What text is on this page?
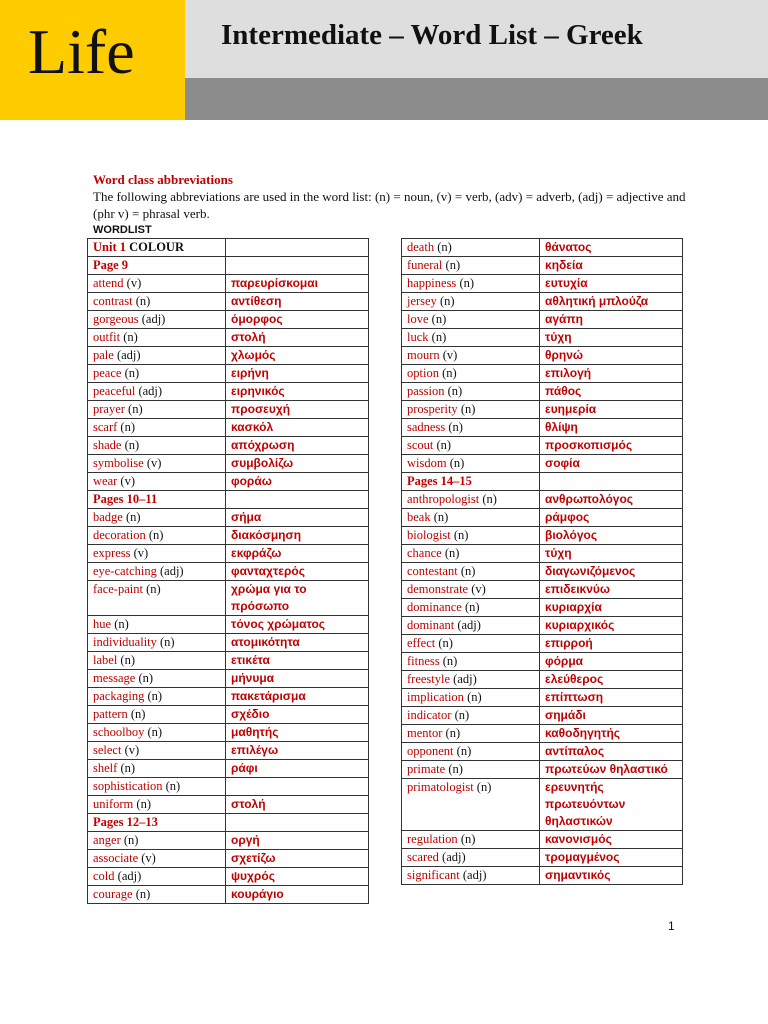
Life	Intermediate – Word List – Greek
Word class abbreviations
The following abbreviations are used in the word list: (n) = noun, (v) = verb, (adv) = adverb, (adj) = adjective and (phr v) = phrasal verb.
WORDLIST
Unit 1 COLOUR	
Page 9	
attend (v)	παρευρίσκομαι
contrast (n)	αντίθεση
gorgeous (adj)	όμορφος
outfit (n)	στολή
pale (adj)	χλωμός
peace (n)	ειρήνη
peaceful (adj)	ειρηνικός
prayer (n)	προσευχή
scarf (n)	κασκόλ
shade (n)	απόχρωση
symbolise (v)	συμβολίζω
wear (v)	φοράω
Pages 10–11	
badge (n)	σήμα
decoration (n)	διακόσμηση
express (v)	εκφράζω
eye-catching (adj)	φανταχτερός
face-paint (n)	χρώμα για το πρόσωπο
hue (n)	τόνος χρώματος
individuality (n)	ατομικότητα
label (n)	ετικέτα
message (n)	μήνυμα
packaging (n)	πακετάρισμα
pattern (n)	σχέδιο
schoolboy (n)	μαθητής
select (v)	επιλέγω
shelf (n)	ράφι
sophistication (n)	
uniform (n)	στολή
Pages 12–13	
anger (n)	οργή
associate (v)	σχετίζω
cold (adj)	ψυχρός
courage (n)	κουράγιο
death (n)	θάνατος
funeral (n)	κηδεία
happiness (n)	ευτυχία
jersey (n)	αθλητική μπλούζα
love (n)	αγάπη
luck (n)	τύχη
mourn (v)	θρηνώ
option (n)	επιλογή
passion (n)	πάθος
prosperity (n)	ευημερία
sadness (n)	θλίψη
scout (n)	προσκοπισμός
wisdom (n)	σοφία
Pages 14–15	
anthropologist (n)	ανθρωπολόγος
beak (n)	ράμφος
biologist (n)	βιολόγος
chance (n)	τύχη
contestant (n)	διαγωνιζόμενος
demonstrate (v)	επιδεικνύω
dominance (n)	κυριαρχία
dominant (adj)	κυριαρχικός
effect (n)	επιρροή
fitness (n)	φόρμα
freestyle (adj)	ελεύθερος
implication (n)	επίπτωση
indicator (n)	σημάδι
mentor (n)	καθοδηγητής
opponent (n)	αντίπαλος
primate (n)	πρωτεύων θηλαστικό
primatologist (n)	ερευνητής πρωτευόντων θηλαστικών
regulation (n)	κανονισμός
scared (adj)	τρομαγμένος
significant (adj)	σημαντικός
1
